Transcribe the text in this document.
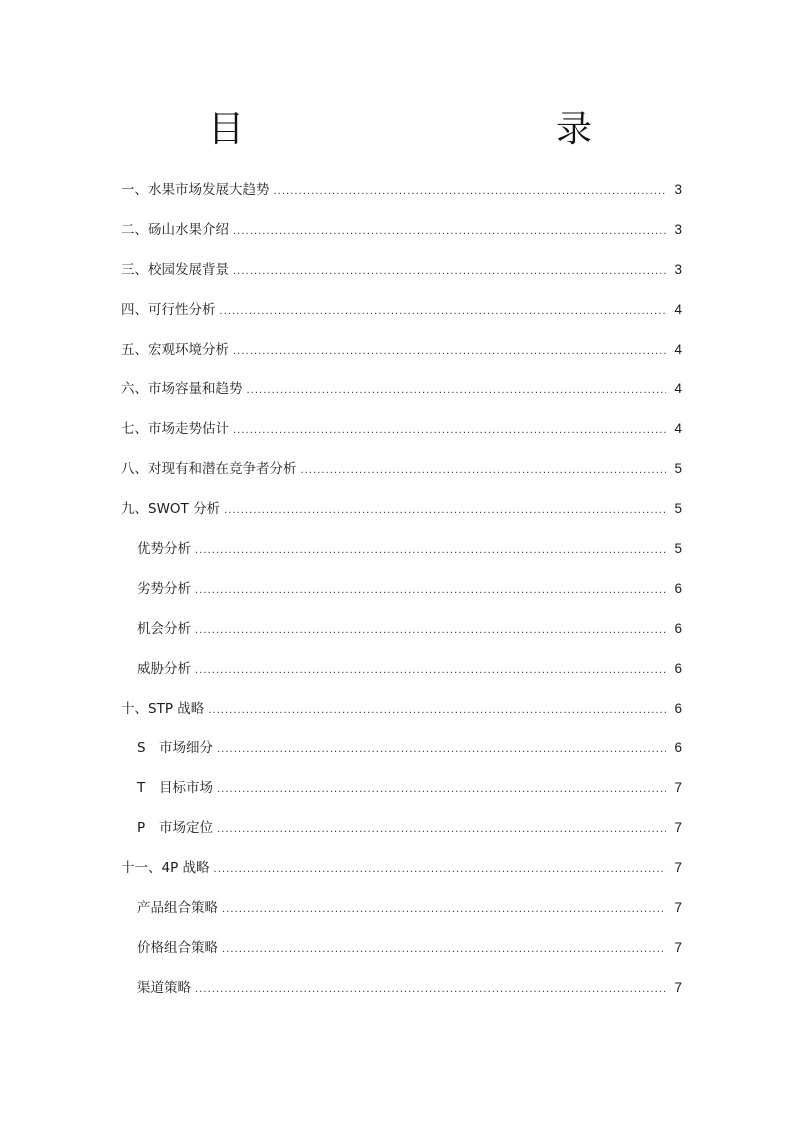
目　　录
一、水果市场发展大趋势 .....	3
二、砀山水果介绍 .....	3
三、校园发展背景 .....	3
四、可行性分析 .....	4
五、宏观环境分析 .....	4
六、市场容量和趋势 .....	4
七、市场走势估计 .....	4
八、对现有和潜在竞争者分析 .....	5
九、SWOT 分析 .....	5
优势分析 .....	5
劣势分析 .....	6
机会分析 .....	6
威胁分析 .....	6
十、STP 战略 .....	6
S 市场细分 .....	6
T 目标市场 .....	7
P 市场定位 .....	7
十一、4P 战略 .....	7
产品组合策略 .....	7
价格组合策略 .....	7
渠道策略 .....	7
